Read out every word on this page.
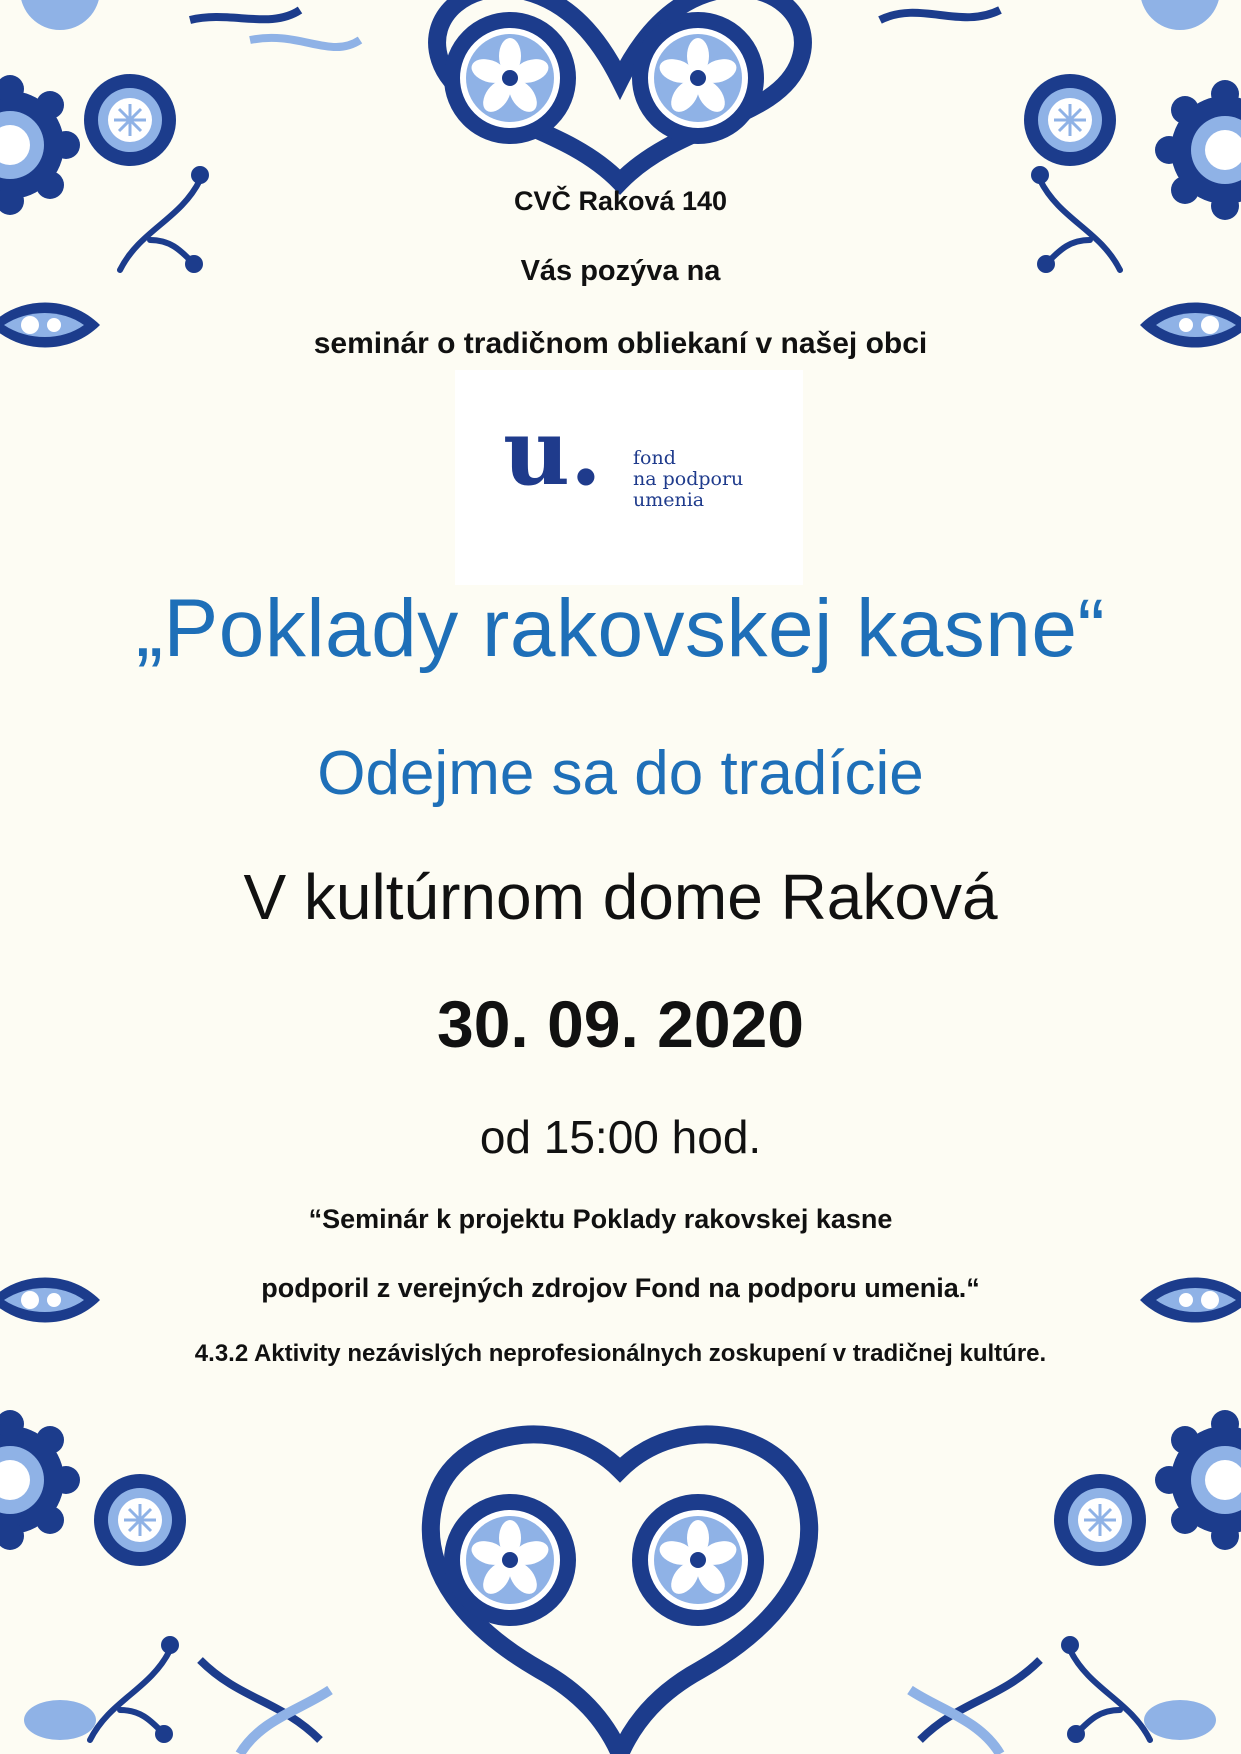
CVČ Raková 140
Vás pozýva na
seminár o tradičnom obliekaní v našej obci
u. fond
na podporu
umenia
„Poklady rakovskej kasne“
Odejme sa do tradície
V kultúrnom dome Raková
30. 09. 2020
od 15:00 hod.
“Seminár k projektu Poklady rakovskej kasne
podporil z verejných zdrojov Fond na podporu umenia.“
4.3.2 Aktivity nezávislých neprofesionálnych zoskupení v tradičnej kultúre.
